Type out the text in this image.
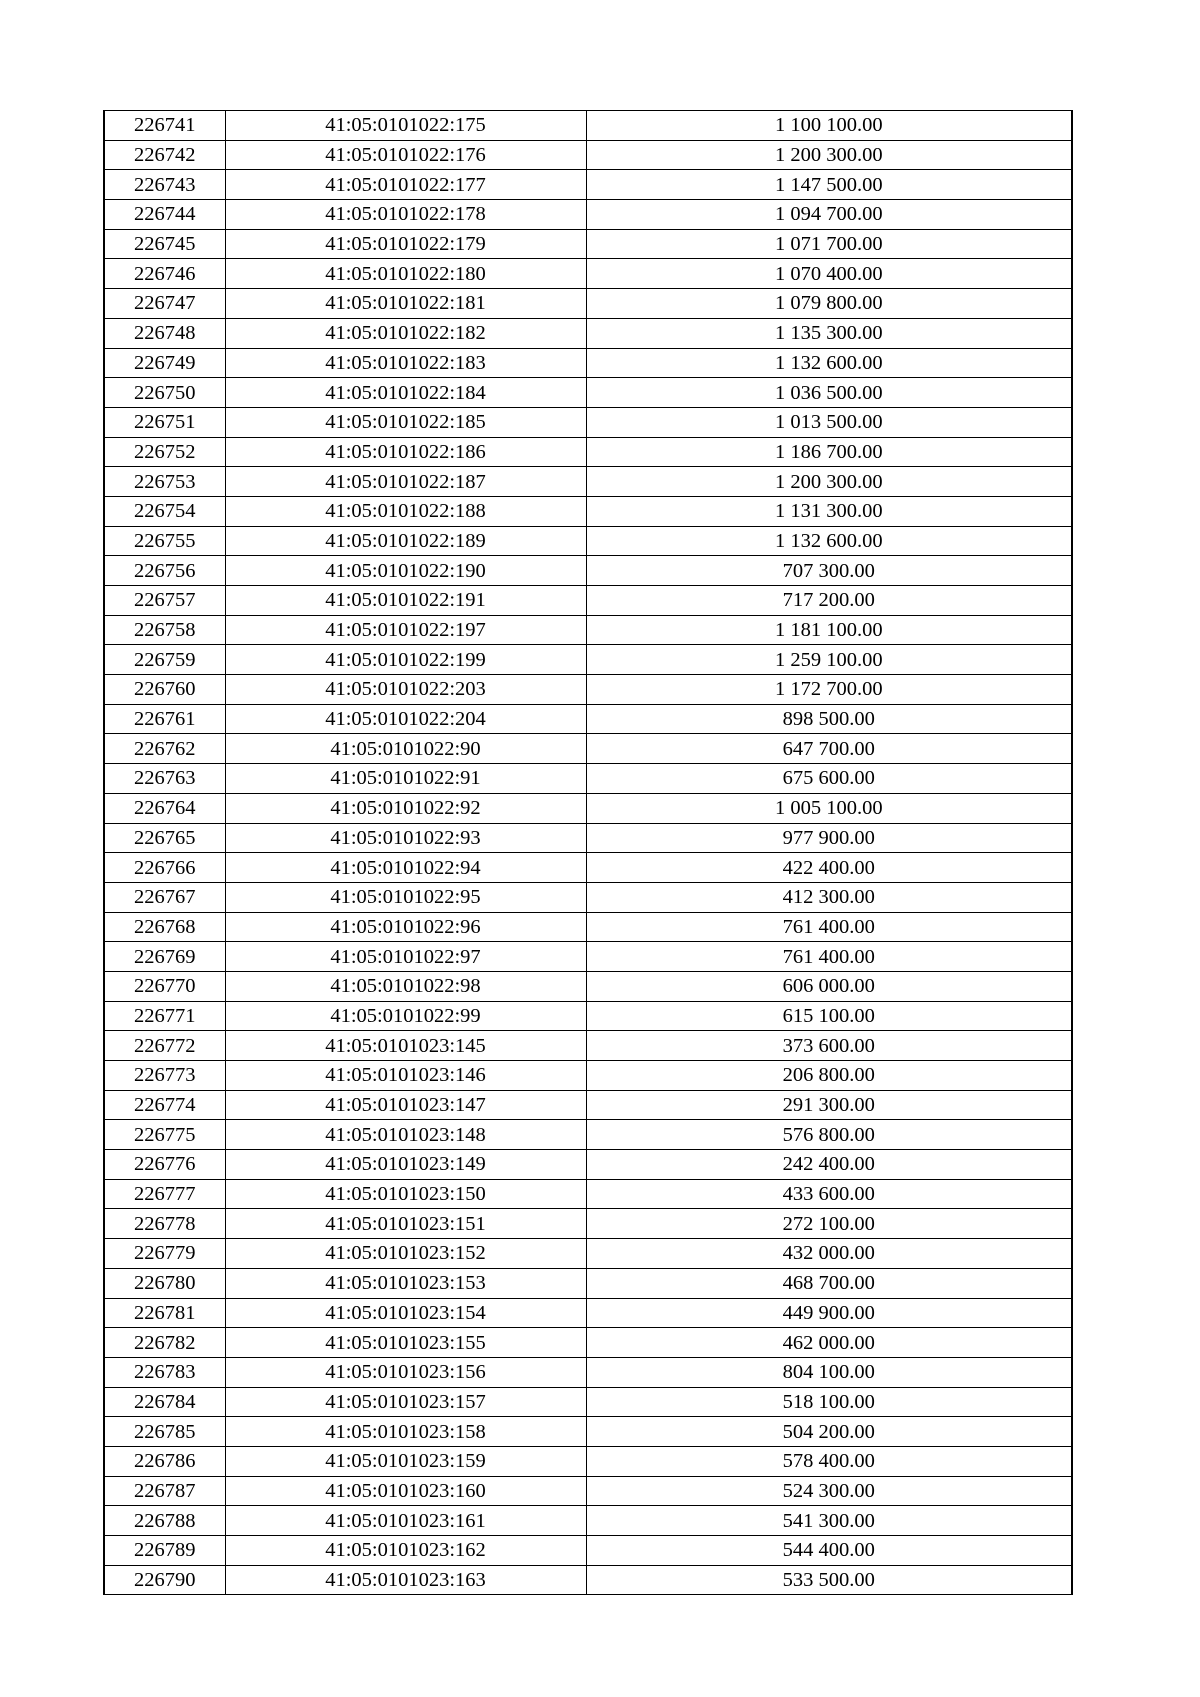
226741	41:05:0101022:175	1 100 100.00
226742	41:05:0101022:176	1 200 300.00
226743	41:05:0101022:177	1 147 500.00
226744	41:05:0101022:178	1 094 700.00
226745	41:05:0101022:179	1 071 700.00
226746	41:05:0101022:180	1 070 400.00
226747	41:05:0101022:181	1 079 800.00
226748	41:05:0101022:182	1 135 300.00
226749	41:05:0101022:183	1 132 600.00
226750	41:05:0101022:184	1 036 500.00
226751	41:05:0101022:185	1 013 500.00
226752	41:05:0101022:186	1 186 700.00
226753	41:05:0101022:187	1 200 300.00
226754	41:05:0101022:188	1 131 300.00
226755	41:05:0101022:189	1 132 600.00
226756	41:05:0101022:190	707 300.00
226757	41:05:0101022:191	717 200.00
226758	41:05:0101022:197	1 181 100.00
226759	41:05:0101022:199	1 259 100.00
226760	41:05:0101022:203	1 172 700.00
226761	41:05:0101022:204	898 500.00
226762	41:05:0101022:90	647 700.00
226763	41:05:0101022:91	675 600.00
226764	41:05:0101022:92	1 005 100.00
226765	41:05:0101022:93	977 900.00
226766	41:05:0101022:94	422 400.00
226767	41:05:0101022:95	412 300.00
226768	41:05:0101022:96	761 400.00
226769	41:05:0101022:97	761 400.00
226770	41:05:0101022:98	606 000.00
226771	41:05:0101022:99	615 100.00
226772	41:05:0101023:145	373 600.00
226773	41:05:0101023:146	206 800.00
226774	41:05:0101023:147	291 300.00
226775	41:05:0101023:148	576 800.00
226776	41:05:0101023:149	242 400.00
226777	41:05:0101023:150	433 600.00
226778	41:05:0101023:151	272 100.00
226779	41:05:0101023:152	432 000.00
226780	41:05:0101023:153	468 700.00
226781	41:05:0101023:154	449 900.00
226782	41:05:0101023:155	462 000.00
226783	41:05:0101023:156	804 100.00
226784	41:05:0101023:157	518 100.00
226785	41:05:0101023:158	504 200.00
226786	41:05:0101023:159	578 400.00
226787	41:05:0101023:160	524 300.00
226788	41:05:0101023:161	541 300.00
226789	41:05:0101023:162	544 400.00
226790	41:05:0101023:163	533 500.00
